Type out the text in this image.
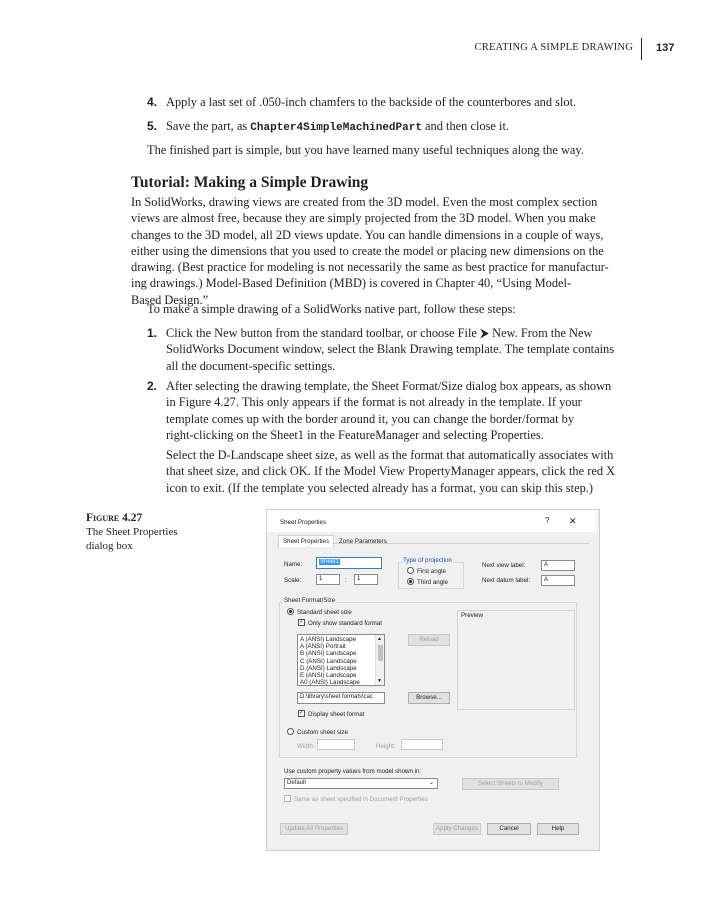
CREATING A SIMPLE DRAWING 137
4. Apply a last set of .050-inch chamfers to the backside of the counterbores and slot.
5. Save the part, as Chapter4SimpleMachinedPart and then close it.
The finished part is simple, but you have learned many useful techniques along the way.
Tutorial: Making a Simple Drawing
In SolidWorks, drawing views are created from the 3D model. Even the most complex section
views are almost free, because they are simply projected from the 3D model. When you make
changes to the 3D model, all 2D views update. You can handle dimensions in a couple of ways,
either using the dimensions that you used to create the model or placing new dimensions on the
drawing. (Best practice for modeling is not necessarily the same as best practice for manufactur-
ing drawings.) Model-Based Definition (MBD) is covered in Chapter 40, “Using Model-
Based Design.”
To make a simple drawing of a SolidWorks native part, follow these steps:
1. Click the New button from the standard toolbar, or choose File ⮞ New. From the New
SolidWorks Document window, select the Blank Drawing template. The template contains
all the document-specific settings.
2. After selecting the drawing template, the Sheet Format/Size dialog box appears, as shown
in Figure 4.27. This only appears if the format is not already in the template. If your
template comes up with the border around it, you can change the border/format by
right-clicking on the Sheet1 in the FeatureManager and selecting Properties.
Select the D-Landscape sheet size, as well as the format that automatically associates with
that sheet size, and click OK. If the Model View PropertyManager appears, click the red X
icon to exit. (If the template you selected already has a format, you can skip this step.)
Figure 4.27
The Sheet Properties
dialog box
Sheet Properties	? ✕
Sheet Properties	Zone Parameters
Name:	Sheet1
Scale:	1	:	1
Type of projection
First angle
Third angle
Next view label:	A
Next datum label:	A
Sheet Format/Size
Standard sheet size
✓ Only show standard format
A (ANSI) Landscape
A (ANSI) Portrait
B (ANSI) Landscape
C (ANSI) Landscape
D (ANSI) Landscape
E (ANSI) Landscape
A0 (ANSI) Landscape
▲
▼
Reload
D:\library\sheet formats\cac	Browse...
✓ Display sheet format
Custom sheet size
Width:	Height:
Preview
Use custom property values from model shown in:
Default	⌄	Select Sheets to Modify
Same as sheet specified in Document Properties
Update All Properties	Apply Changes	Cancel	Help
